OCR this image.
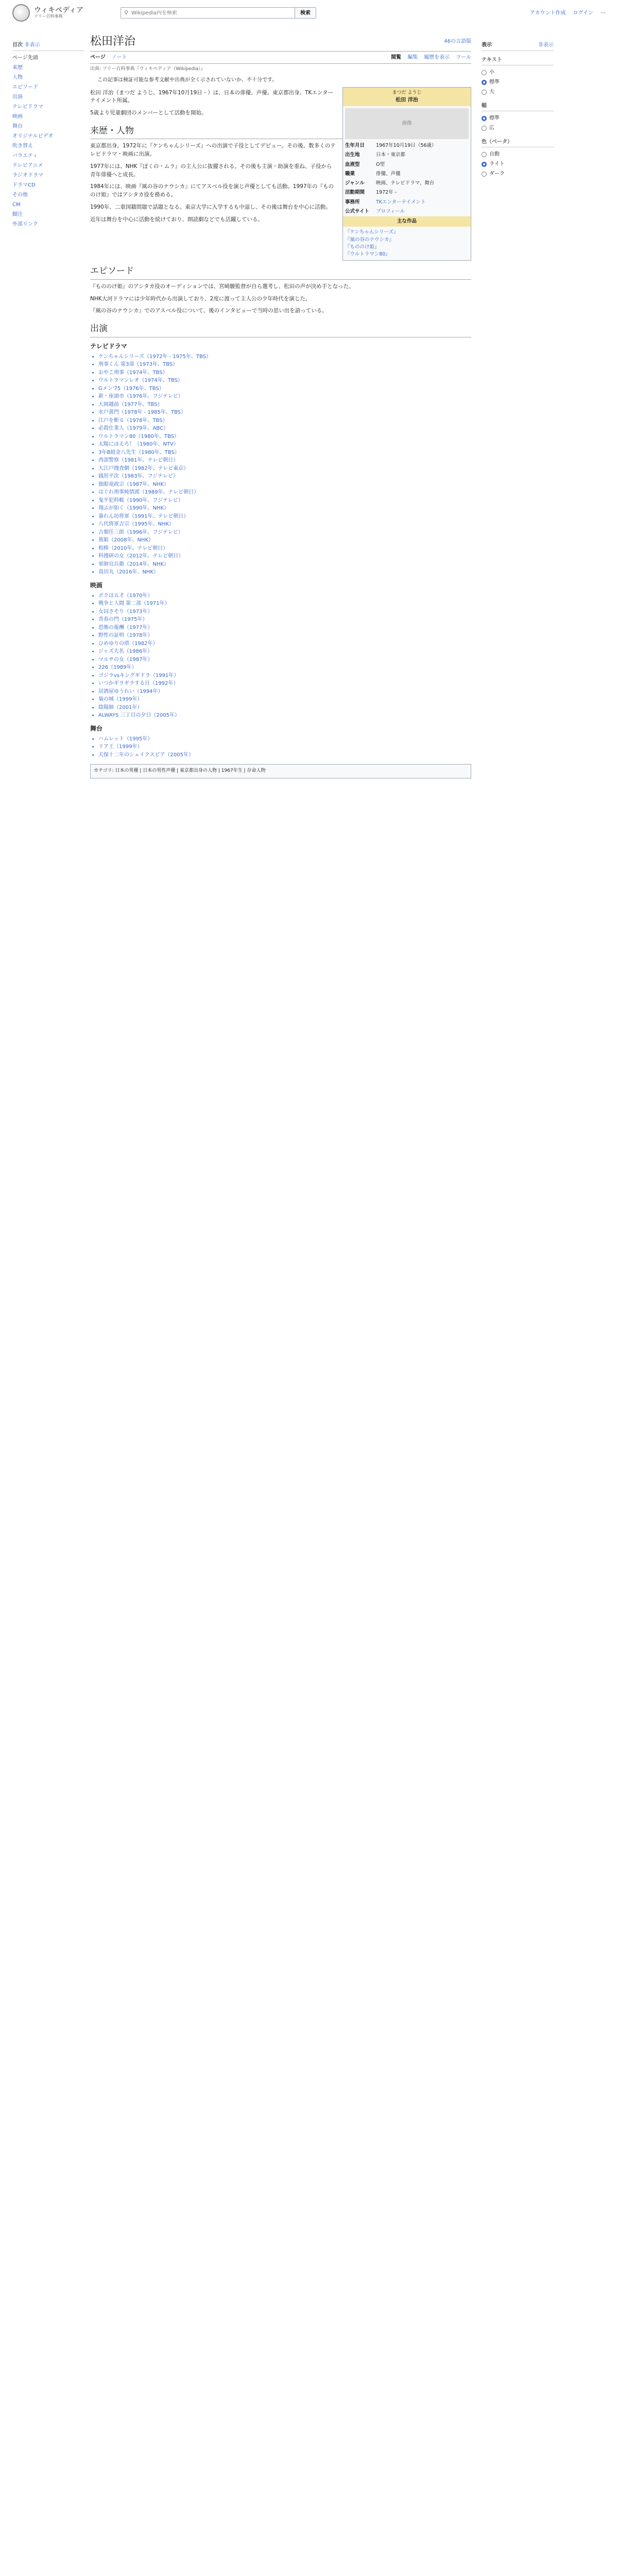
ウィキペディア
フリー百科事典
⚲
Wikipedia内を検索	検索	アカウント作成 ログイン ⋯
目次 非表示
ページ先頭
来歴
人物
エピソード
出演
テレビドラマ
映画
舞台
オリジナルビデオ
吹き替え
バラエティ
テレビアニメ
ラジオドラマ
ドラマCD
その他
CM
脚注
外部リンク
表示	非表示
テキスト
小
標準
大
幅
標準
広
色（ベータ）
自動
ライト
ダーク
松田洋治	46の言語版
ページ ノート	閲覧 編集 履歴を表示 ツール
出典: フリー百科事典『ウィキペディア（Wikipedia）』
この記事は検証可能な参考文献や出典が全く示されていないか、不十分です。
まつだ ようじ
松田 洋治
画像
生年月日	1967年10月19日（56歳）
出生地	日本・東京都
血液型	O型
職業	俳優、声優
ジャンル	映画、テレビドラマ、舞台
活動期間	1972年 -
事務所	TKエンターテイメント
公式サイト	プロフィール
主な作品
『ケンちゃんシリーズ』
『風の谷のナウシカ』
『もののけ姫』
『ウルトラマン80』

松田 洋治（まつだ ようじ、1967年10月19日 - ）は、日本の俳優、声優。東京都出身。TKエンターテイメント所属。

5歳より児童劇団のメンバーとして活動を開始。

来歴・人物

東京都出身。1972年に『ケンちゃんシリーズ』への出演で子役としてデビュー。その後、数多くのテレビドラマ・映画に出演。

1977年には、NHK『ぼくの・ムラ』の主人公に抜擢される。その後も主演・助演を重ね、子役から青年俳優へと成長。

1984年には、映画『風の谷のナウシカ』にてアスベル役を演じ声優としても活動。1997年の『もののけ姫』ではアシタカ役を務める。

1990年、二重国籍問題で話題となる。東京大学に入学するも中退し、その後は舞台を中心に活動。

近年は舞台を中心に活動を続けており、朗読劇などでも活躍している。

エピソード

『もののけ姫』のアシタカ役のオーディションでは、宮崎駿監督が自ら選考し、松田の声が決め手となった。

NHK大河ドラマには少年時代から出演しており、2度に渡って主人公の少年時代を演じた。

『風の谷のナウシカ』でのアスベル役について、後のインタビューで当時の思い出を語っている。

出演
テレビドラマ
• ケンちゃんシリーズ（1972年 - 1975年、TBS）
• 刑事くん 第3部（1973年、TBS）
• おやこ刑事（1974年、TBS）
• ウルトラマンレオ（1974年、TBS）
• Gメン'75（1976年、TBS）
• 新・座頭市（1976年、フジテレビ）
• 大岡越前（1977年、TBS）
• 水戸黄門（1978年 - 1985年、TBS）
• 江戸を斬る（1978年、TBS）
• 必殺仕業人（1979年、ABC）
• ウルトラマン80（1980年、TBS）
• 太陽にほえろ！（1980年、NTV）
• 3年B組金八先生（1980年、TBS）
• 西部警察（1981年、テレビ朝日）
• 大江戸捜査網（1982年、テレビ東京）
• 銭形平次（1983年、フジテレビ）
• 独眼竜政宗（1987年、NHK）
• はぐれ刑事純情派（1989年、テレビ朝日）
• 鬼平犯科帳（1990年、フジテレビ）
• 翔ぶが如く（1990年、NHK）
• 暴れん坊将軍（1991年、テレビ朝日）
• 八代将軍吉宗（1995年、NHK）
• 古畑任三郎（1996年、フジテレビ）
• 篤姫（2008年、NHK）
• 相棒（2010年、テレビ朝日）
• 科捜研の女（2012年、テレビ朝日）
• 軍師官兵衛（2014年、NHK）
• 真田丸（2016年、NHK）
映画
• ボクは五才（1970年）
• 戦争と人間 第二部（1971年）
• 女囚さそり（1973年）
• 青春の門（1975年）
• 恐怖の報酬（1977年）
• 野性の証明（1978年）
• ひめゆりの塔（1982年）
• ジャズ大名（1986年）
• マルサの女（1987年）
• 226（1989年）
• ゴジラvsキングギドラ（1991年）
• いつかギラギラする日（1992年）
• 居酒屋ゆうれい（1994年）
• 梟の城（1999年）
• 陰陽師（2001年）
• ALWAYS 三丁目の夕日（2005年）
舞台
• ハムレット（1995年）
• リア王（1999年）
• 天保十二年のシェイクスピア（2005年）
カテゴリ: 日本の男優 | 日本の男性声優 | 東京都出身の人物 | 1967年生 | 存命人物
